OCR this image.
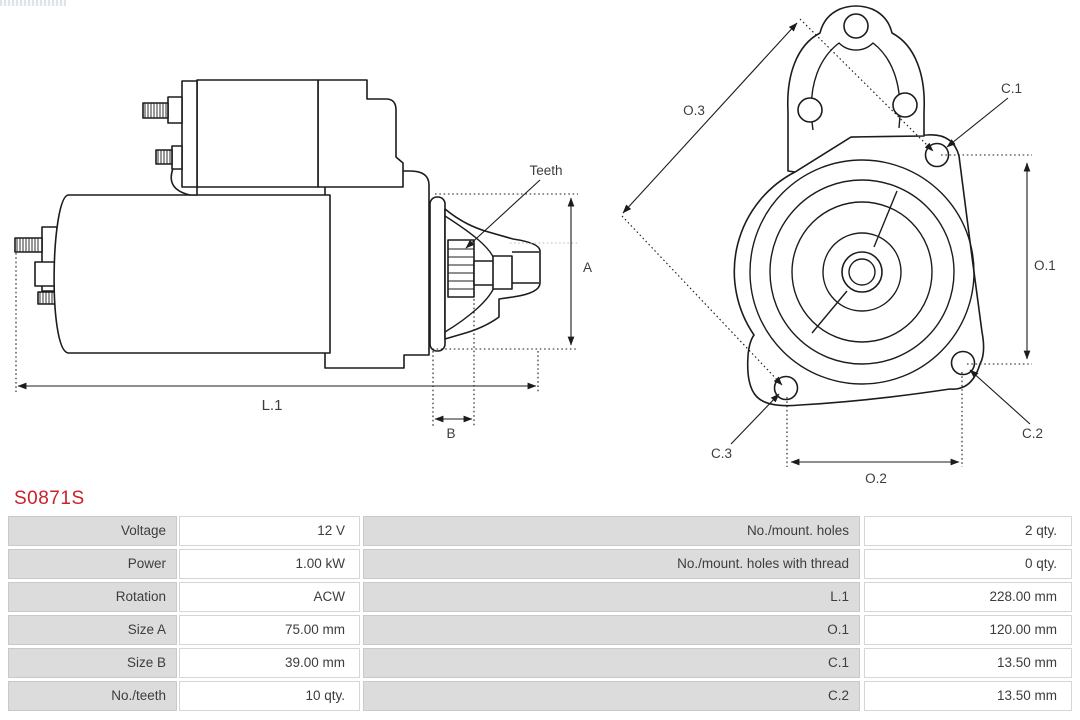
A
L.1
B
Teeth
O.3
O.1
O.2
C.1
C.2
C.3
S0871S
Voltage	12 V	No./mount. holes	2 qty.
Power	1.00 kW	No./mount. holes with thread	0 qty.
Rotation	ACW	L.1	228.00 mm
Size A	75.00 mm	O.1	120.00 mm
Size B	39.00 mm	C.1	13.50 mm
No./teeth	10 qty.	C.2	13.50 mm
